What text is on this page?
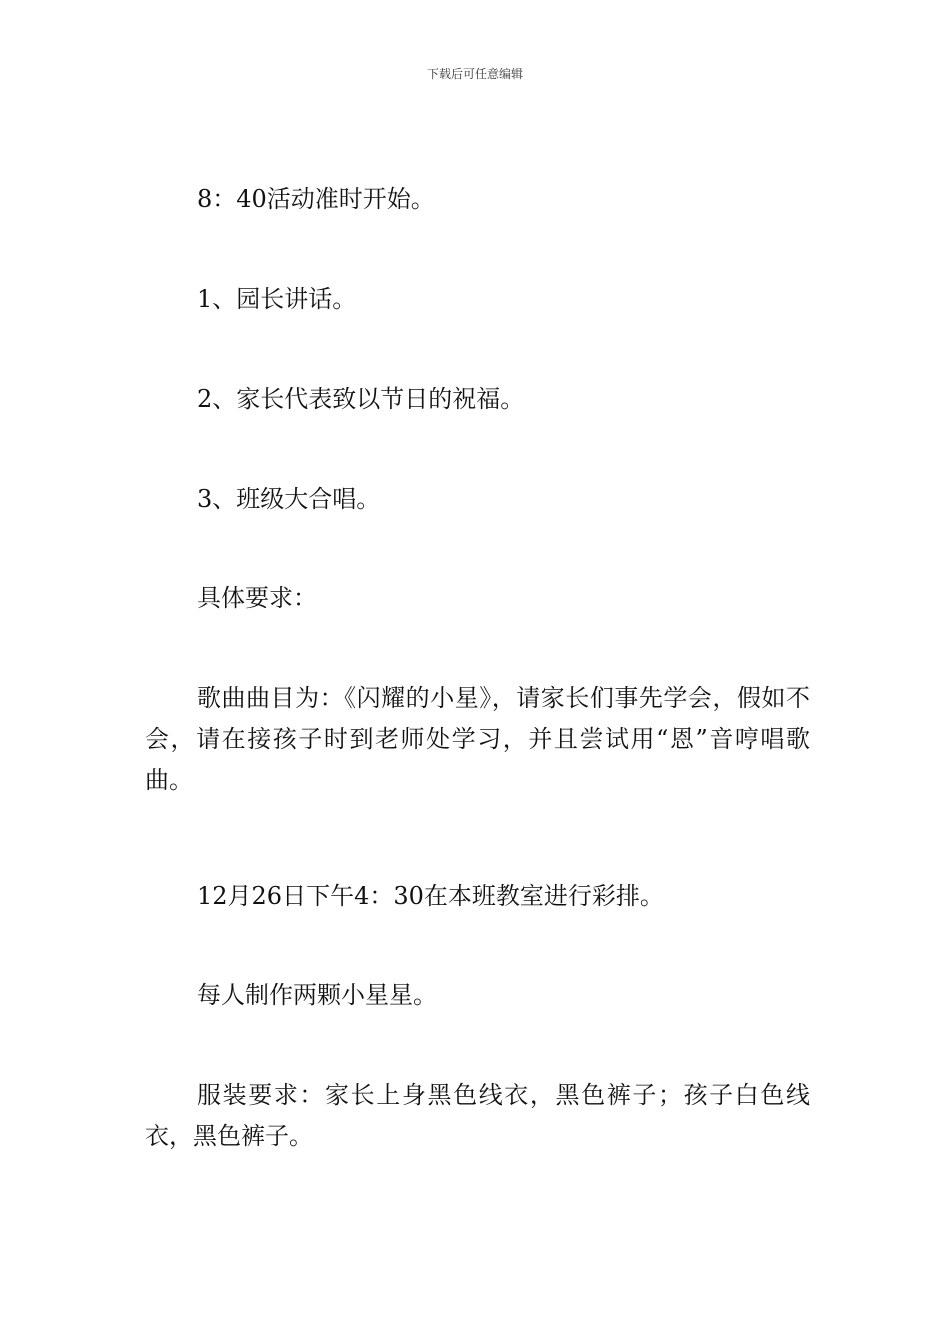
下载后可任意编辑

8：40活动准时开始。

1、园长讲话。

2、家长代表致以节日的祝福。

3、班级大合唱。

具体要求：

歌曲曲目为：《闪耀的小星》，请家长们事先学会，假如不会，请在接孩子时到老师处学习，并且尝试用“恩”音哼唱歌曲。

12月26日下午4：30在本班教室进行彩排。

每人制作两颗小星星。

服装要求：家长上身黑色线衣，黑色裤子；孩子白色线衣，黑色裤子。
